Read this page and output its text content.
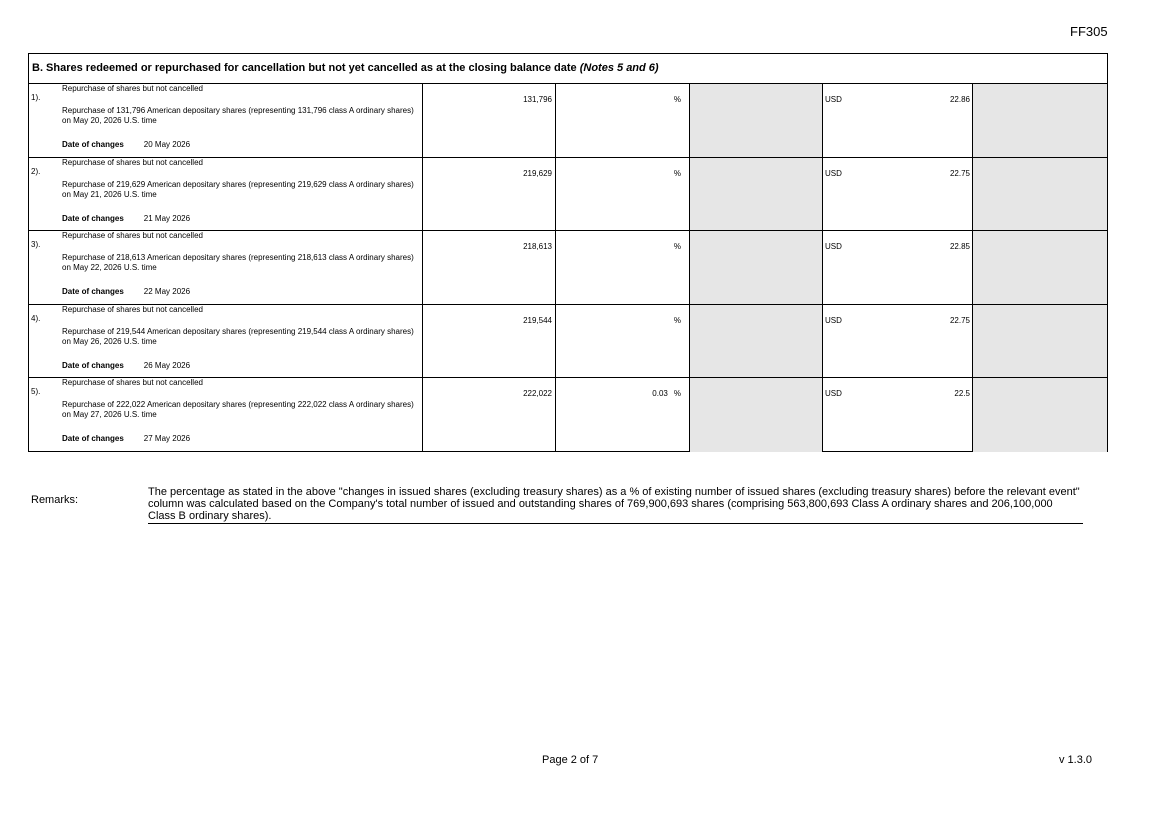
FF305
B. Shares redeemed or repurchased for cancellation but not yet cancelled as at the closing balance date (Notes 5 and 6)
1).
Repurchase of shares but not cancelled
Repurchase of 131,796 American depositary shares (representing 131,796 class A ordinary shares) on May 20, 2026 U.S. time
Date of changes	20 May 2026
131,796	%	USD	22.86
2).
Repurchase of shares but not cancelled
Repurchase of 219,629 American depositary shares (representing 219,629 class A ordinary shares) on May 21, 2026 U.S. time
Date of changes	21 May 2026
219,629	%	USD	22.75
3).
Repurchase of shares but not cancelled
Repurchase of 218,613 American depositary shares (representing 218,613 class A ordinary shares) on May 22, 2026 U.S. time
Date of changes	22 May 2026
218,613	%	USD	22.85
4).
Repurchase of shares but not cancelled
Repurchase of 219,544 American depositary shares (representing 219,544 class A ordinary shares) on May 26, 2026 U.S. time
Date of changes	26 May 2026
219,544	%	USD	22.75
5).
Repurchase of shares but not cancelled
Repurchase of 222,022 American depositary shares (representing 222,022 class A ordinary shares) on May 27, 2026 U.S. time
Date of changes	27 May 2026
222,022	0.03 %	USD	22.5
Remarks:
The percentage as stated in the above "changes in issued shares (excluding treasury shares) as a % of existing number of issued shares (excluding treasury shares) before the relevant event" column was calculated based on the Company's total number of issued and outstanding shares of 769,900,693 shares (comprising 563,800,693 Class A ordinary shares and 206,100,000 Class B ordinary shares).
Page 2 of 7	v 1.3.0
